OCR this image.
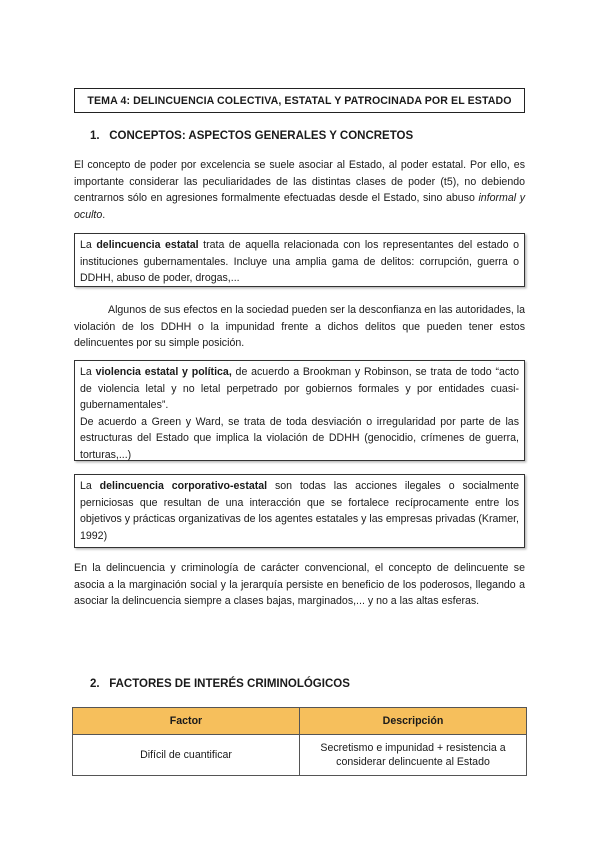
TEMA 4: DELINCUENCIA COLECTIVA, ESTATAL Y PATROCINADA POR EL ESTADO
1. CONCEPTOS: ASPECTOS GENERALES Y CONCRETOS

El concepto de poder por excelencia se suele asociar al Estado, al poder estatal. Por ello, es importante considerar las peculiaridades de las distintas clases de poder (t5), no debiendo centrarnos sólo en agresiones formalmente efectuadas desde el Estado, sino abuso informal y oculto.

La delincuencia estatal trata de aquella relacionada con los representantes del estado o instituciones gubernamentales. Incluye una amplia gama de delitos: corrupción, guerra o DDHH, abuso de poder, drogas,...

Algunos de sus efectos en la sociedad pueden ser la desconfianza en las autoridades, la violación de los DDHH o la impunidad frente a dichos delitos que pueden tener estos delincuentes por su simple posición.

La violencia estatal y política, de acuerdo a Brookman y Robinson, se trata de todo “acto de violencia letal y no letal perpetrado por gobiernos formales y por entidades cuasi-gubernamentales”.

De acuerdo a Green y Ward, se trata de toda desviación o irregularidad por parte de las estructuras del Estado que implica la violación de DDHH (genocidio, crímenes de guerra, torturas,...)

La delincuencia corporativo-estatal son todas las acciones ilegales o socialmente perniciosas que resultan de una interacción que se fortalece recíprocamente entre los objetivos y prácticas organizativas de los agentes estatales y las empresas privadas (Kramer, 1992)

En la delincuencia y criminología de carácter convencional, el concepto de delincuente se asocia a la marginación social y la jerarquía persiste en beneficio de los poderosos, llegando a asociar la delincuencia siempre a clases bajas, marginados,... y no a las altas esferas.

2. FACTORES DE INTERÉS CRIMINOLÓGICOS
Factor	Descripción
Difícil de cuantificar	Secretismo e impunidad + resistencia a considerar delincuente al Estado
